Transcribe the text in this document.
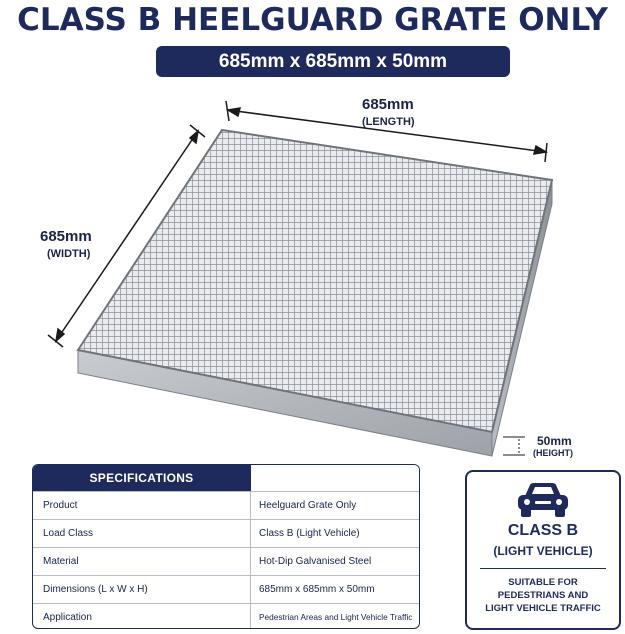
CLASS B HEELGUARD GRATE ONLY
685mm x 685mm x 50mm
685mm
(LENGTH)
685mm
(WIDTH)
50mm
(HEIGHT)
SPECIFICATIONS
Product	Heelguard Grate Only
Load Class	Class B (Light Vehicle)
Material	Hot-Dip Galvanised Steel
Dimensions (L x W x H)	685mm x 685mm x 50mm
Application	Pedestrian Areas and Light Vehicle Traffic
CLASS B
(LIGHT VEHICLE)
SUITABLE FOR
PEDESTRIANS AND
LIGHT VEHICLE TRAFFIC
